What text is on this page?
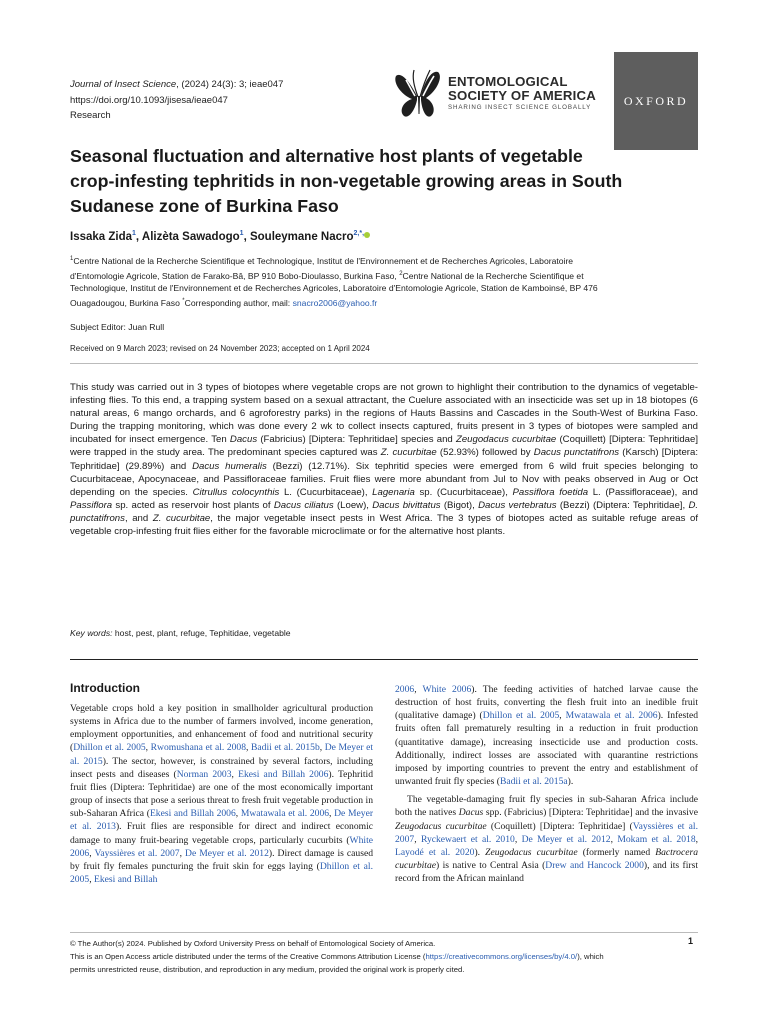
Journal of Insect Science, (2024) 24(3): 3; ieae047
https://doi.org/10.1093/jisesa/ieae047
Research
ENTOMOLOGICAL
SOCIETY OF AMERICA
SHARING INSECT SCIENCE GLOBALLY	OXFORD
Seasonal fluctuation and alternative host plants of vegetable crop-infesting tephritids in non-vegetable growing areas in South Sudanese zone of Burkina Faso
Issaka Zida$^1$, Alizèta Sawadogo$^1$, Souleymane Nacro$^{2,*,}$
$^1$Centre National de la Recherche Scientifique et Technologique, Institut de l'Environnement et de Recherches Agricoles, Laboratoire d'Entomologie Agricole, Station de Farako-Bâ, BP 910 Bobo-Dioulasso, Burkina Faso, $^2$Centre National de la Recherche Scientifique et Technologique, Institut de l'Environnement et de Recherches Agricoles, Laboratoire d'Entomologie Agricole, Station de Kamboinsé, BP 476 Ouagadougou, Burkina Faso *Corresponding author, mail: snacro2006@yahoo.fr
Subject Editor: Juan Rull
Received on 9 March 2023; revised on 24 November 2023; accepted on 1 April 2024

This study was carried out in 3 types of biotopes where vegetable crops are not grown to highlight their contribution to the dynamics of vegetable-infesting flies. To this end, a trapping system based on a sexual attractant, the Cuelure associated with an insecticide was set up in 18 biotopes (6 natural areas, 6 mango orchards, and 6 agroforestry parks) in the regions of Hauts Bassins and Cascades in the South-West of Burkina Faso. During the trapping monitoring, which was done every 2 wk to collect insects captured, fruits present in 3 types of biotopes were sampled and incubated for insect emergence. Ten Dacus (Fabricius) [Diptera: Tephritidae] species and Zeugodacus cucurbitae (Coquillett) [Diptera: Tephritidae] were trapped in the study area. The predominant species captured was Z. cucurbitae (52.93%) followed by Dacus punctatifrons (Karsch) [Diptera: Tephritidae] (29.89%) and Dacus humeralis (Bezzi) (12.71%). Six tephritid species were emerged from 6 wild fruit species belonging to Cucurbitaceae, Apocynaceae, and Passifloraceae families. Fruit flies were more abundant from Jul to Nov with peaks observed in Aug or Oct depending on the species. Citrullus colocynthis L. (Cucurbitaceae), Lagenaria sp. (Cucurbitaceae), Passiflora foetida L. (Passifloraceae), and Passiflora sp. acted as reservoir host plants of Dacus ciliatus (Loew), Dacus bivittatus (Bigot), Dacus vertebratus (Bezzi) (Diptera: Tephritidae], D. punctatifrons, and Z. cucurbitae, the major vegetable insect pests in West Africa. The 3 types of biotopes acted as suitable refuge areas of vegetable crop-infesting fruit flies either for the favorable microclimate or for the alternative host plants.

Key words: host, pest, plant, refuge, Tephitidae, vegetable
Introduction

Vegetable crops hold a key position in smallholder agricultural production systems in Africa due to the number of farmers involved, income generation, employment opportunities, and enhancement of food and nutritional security (Dhillon et al. 2005, Rwomushana et al. 2008, Badii et al. 2015b, De Meyer et al. 2015). The sector, however, is constrained by several factors, including insect pests and diseases (Norman 2003, Ekesi and Billah 2006). Tephritid fruit flies (Diptera: Tephritidae) are one of the most economically important group of insects that pose a serious threat to fresh fruit vegetable production in sub-Saharan Africa (Ekesi and Billah 2006, Mwatawala et al. 2006, De Meyer et al. 2013). Fruit flies are responsible for direct and indirect economic damage to many fruit-bearing vegetable crops, particularly cucurbits (White 2006, Vayssières et al. 2007, De Meyer et al. 2012). Direct damage is caused by fruit fly females puncturing the fruit skin for eggs laying (Dhillon et al. 2005, Ekesi and Billah

2006, White 2006). The feeding activities of hatched larvae cause the destruction of host fruits, converting the flesh fruit into an inedible fruit (qualitative damage) (Dhillon et al. 2005, Mwatawala et al. 2006). Infested fruits often fall prematurely resulting in a reduction in fruit production (quantitative damage), increasing insecticide use and production costs. Additionally, indirect losses are associated with quarantine restrictions imposed by importing countries to prevent the entry and establishment of unwanted fruit fly species (Badii et al. 2015a).

The vegetable-damaging fruit fly species in sub-Saharan Africa include both the natives Dacus spp. (Fabricius) [Diptera: Tephritidae] and the invasive Zeugodacus cucurbitae (Coquillett) [Diptera: Tephritidae] (Vayssières et al. 2007, Ryckewaert et al. 2010, De Meyer et al. 2012, Mokam et al. 2018, Layodé et al. 2020). Zeugodacus cucurbitae (formerly named Bactrocera cucurbitae) is native to Central Asia (Drew and Hancock 2000), and its first record from the African mainland

© The Author(s) 2024. Published by Oxford University Press on behalf of Entomological Society of America.
This is an Open Access article distributed under the terms of the Creative Commons Attribution License (https://creativecommons.org/licenses/by/4.0/), which
permits unrestricted reuse, distribution, and reproduction in any medium, provided the original work is properly cited.
1
